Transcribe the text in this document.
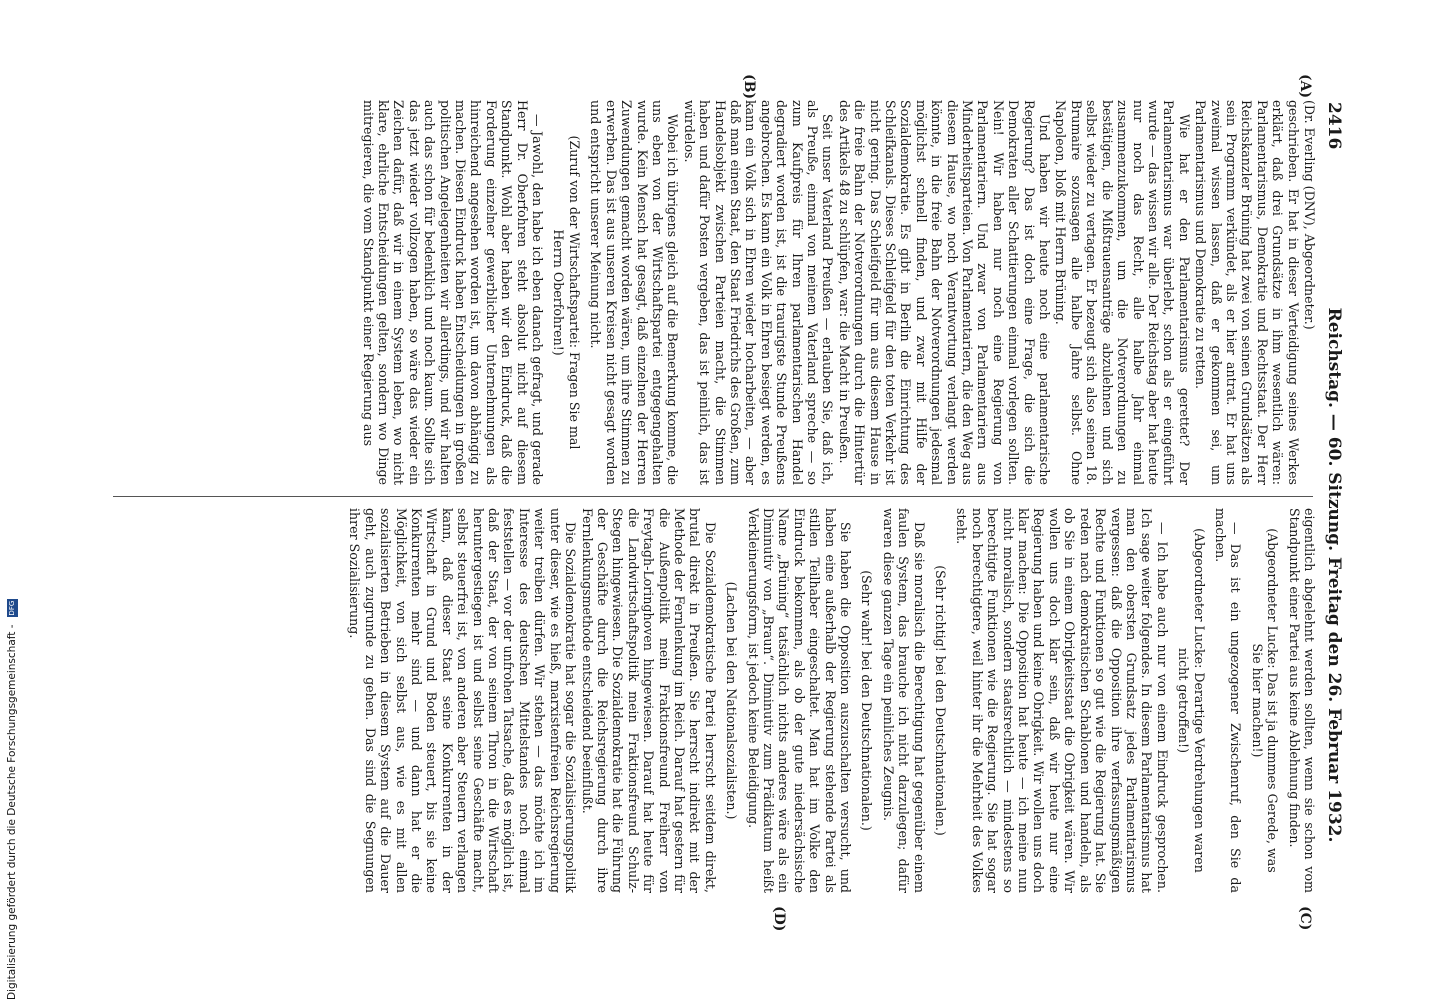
2416
Reichstag. — 60. Sitzung. Freitag den 26. Februar 1932.
(A)
(B)
(C)
(D)

(Dr. Everling (DNV), Abgeordneter.)

geschrieben. Er hat in dieser Verteidigung seines Werkes erklärt, daß drei Grundsätze in ihm wesentlich wären: Parlamentarismus, Demokratie und Rechtsstaat. Der Herr Reichskanzler Brüning hat zwei von seinen Grundsätzen als sein Programm verkündet, als er hier antrat. Er hat uns zweimal wissen lassen, daß er gekommen sei, um Parlamentarismus und Demokratie zu retten.

Wie hat er den Parlamentarismus gerettet? Der Parlamentarismus war überlebt, schon als er eingeführt wurde — das wissen wir alle. Der Reichstag aber hat heute nur noch das Recht, alle halbe Jahr einmal zusammenzukommen, um die Notverordnungen zu bestätigen, die Mißtrauensanträge abzulehnen und sich selbst wieder zu vertagen. Er bezeugt sich also seinen 18. Brumaire sozusagen alle halbe Jahre selbst. Ohne Napoleon, bloß mit Herrn Brüning.

Und haben wir heute noch eine parlamentarische Regierung? Das ist doch eine Frage, die sich die Demokraten aller Schattierungen einmal vorlegen sollten. Nein! Wir haben nur noch eine Regierung von Parlamentariern. Und zwar von Parlamentariern aus Minderheitsparteien. Von Parlamentariern, die den Weg aus diesem Hause, wo noch Verantwortung verlangt werden könnte, in die freie Bahn der Notverordnungen jedesmal möglichst schnell finden, und zwar mit Hilfe der Sozialdemokratie. Es gibt in Berlin die Einrichtung des Schleifkanals. Dieses Schleifgeld für den toten Verkehr ist nicht gering. Das Schleifgeld für um aus diesem Hause in die freie Bahn der Notverordnungen durch die Hintertür des Artikels 48 zu schlüpfen, war: die Macht in Preußen.

Seit unser Vaterland Preußen — erlauben Sie, daß ich, als Preuße, einmal von meinem Vaterland spreche — so zum Kaufpreis für Ihren parlamentarischen Handel degradiert worden ist, ist die traurigste Stunde Preußens angebrochen. Es kann ein Volk in Ehren besiegt werden, es kann ein Volk sich in Ehren wieder hocharbeiten, — aber daß man einen Staat, den Staat Friedrichs des Großen, zum Handelsobjekt zwischen Parteien macht, die Stimmen haben und dafür Posten vergeben, das ist peinlich, das ist würdelos.

Wobei ich übrigens gleich auf die Bemerkung komme, die uns eben von der Wirtschaftspartei entgegengehalten wurde. Kein Mensch hat gesagt, daß einzelnen der Herren Zuwendungen gemacht worden wären, um ihre Stimmen zu erwerben. Das ist aus unseren Kreisen nicht gesagt worden und entspricht unserer Meinung nicht.

(Zuruf von der Wirtschaftspartei: Fragen Sie mal Herrn Oberfohren!)

— Jawohl, den habe ich eben danach gefragt, und gerade Herr Dr. Oberfohren steht absolut nicht auf diesem Standpunkt. Wohl aber haben wir den Eindruck, daß die Forderung einzelner gewerblicher Unternehmungen als hinreichend angesehen worden ist, um davon abhängig zu machen. Diesen Eindruck haben Entscheidungen in großen politischen Angelegenheiten wir allerdings, und wir halten auch das schon für bedenklich und noch kaum. Sollte sich das jetzt wieder vollzogen haben, so wäre das wieder ein Zeichen dafür, daß wir in einem System leben, wo nicht klare, ehrliche Entscheidungen gelten, sondern wo Dinge mitregieren, die vom Standpunkt einer Regierung aus

eigentlich abgelehnt werden sollten, wenn sie schon vom Standpunkt einer Partei aus keine Ablehnung finden.

(Abgeordneter Lucke: Das ist ja dummes Gerede, was Sie hier machen!)

— Das ist ein ungezogener Zwischenruf, den Sie da machen.

(Abgeordneter Lucke: Derartige Verdrehungen waren nicht getroffen!)

— Ich habe auch nur von einem Eindruck gesprochen. Ich sage weiter folgendes. In diesem Parlamentarismus hat man den obersten Grundsatz jedes Parlamentarismus vergessen: daß die Opposition ihre verfassungsmäßigen Rechte und Funktionen so gut wie die Regierung hat. Sie reden nach demokratischen Schablonen und handeln, als ob Sie in einem Obrigkeitsstaat die Obrigkeit wären. Wir wollen uns doch klar sein, daß wir heute nur eine Regierung haben und keine Obrigkeit. Wir wollen uns doch klar machen: Die Opposition hat heute — ich meine nun nicht moralisch, sondern staatsrechtlich — mindestens so berechtigte Funktionen wie die Regierung. Sie hat sogar noch berechtigtere, weil hinter ihr die Mehrheit des Volkes steht.

(Sehr richtig! bei den Deutschnationalen.)

Daß sie moralisch die Berechtigung hat gegenüber einem faulen System, das brauche ich nicht darzulegen; dafür waren diese ganzen Tage ein peinliches Zeugnis.

(Sehr wahr! bei den Deutschnationalen.)

Sie haben die Opposition auszuschalten versucht, und haben eine außerhalb der Regierung stehende Partei als stillen Teilhaber eingeschaltet. Man hat im Volke den Eindruck bekommen, als ob der gute niedersächsische Name „Brüning“ tatsächlich nichts anderes wäre als ein Diminutiv von „Braun“. Diminutiv zum Prädikatum heißt Verkleinerungsform, ist jedoch keine Beleidigung.

(Lachen bei den Nationalsozialisten.)

Die Sozialdemokratische Partei herrscht seitdem direkt, brutal direkt in Preußen. Sie herrscht indirekt mit der Methode der Fernlenkung im Reich. Darauf hat gestern für die Außenpolitik mein Fraktionsfreund Freiherr von Freytagh-Loringhoven hingewiesen. Darauf hat heute für die Landwirtschaftspolitik mein Fraktionsfreund Schulz-Stegen hingewiesen. Die Sozialdemokratie hat die Führung der Geschäfte durch die Reichsregierung durch ihre Fernlenkungsmethode entscheidend beeinflußt.

Die Sozialdemokratie hat sogar die Sozialisierungspolitik unter dieser, wie es hieß, marxistenfreien Reichsregierung weiter treiben dürfen. Wir stehen — das möchte ich im Interesse des deutschen Mittelstandes noch einmal feststellen — vor der unfrohen Tatsache, daß es möglich ist, daß der Staat, der von seinem Thron in die Wirtschaft heruntergestiegen ist und selbst seine Geschäfte macht, selbst steuerfrei ist, von anderen aber Steuern verlangen kann, daß dieser Staat seine Konkurrenten in der Wirtschaft in Grund und Boden steuert, bis sie keine Konkurrenten mehr sind — und dann hat er die Möglichkeit, von sich selbst aus, wie es mit allen sozialisierten Betrieben in diesem System auf die Dauer geht, auch zugrunde zu gehen. Das sind die Segnungen ihrer Sozialisierung.

Digitalisierung gefördert durch die Deutsche Forschungsgemeinschaft - DFG
